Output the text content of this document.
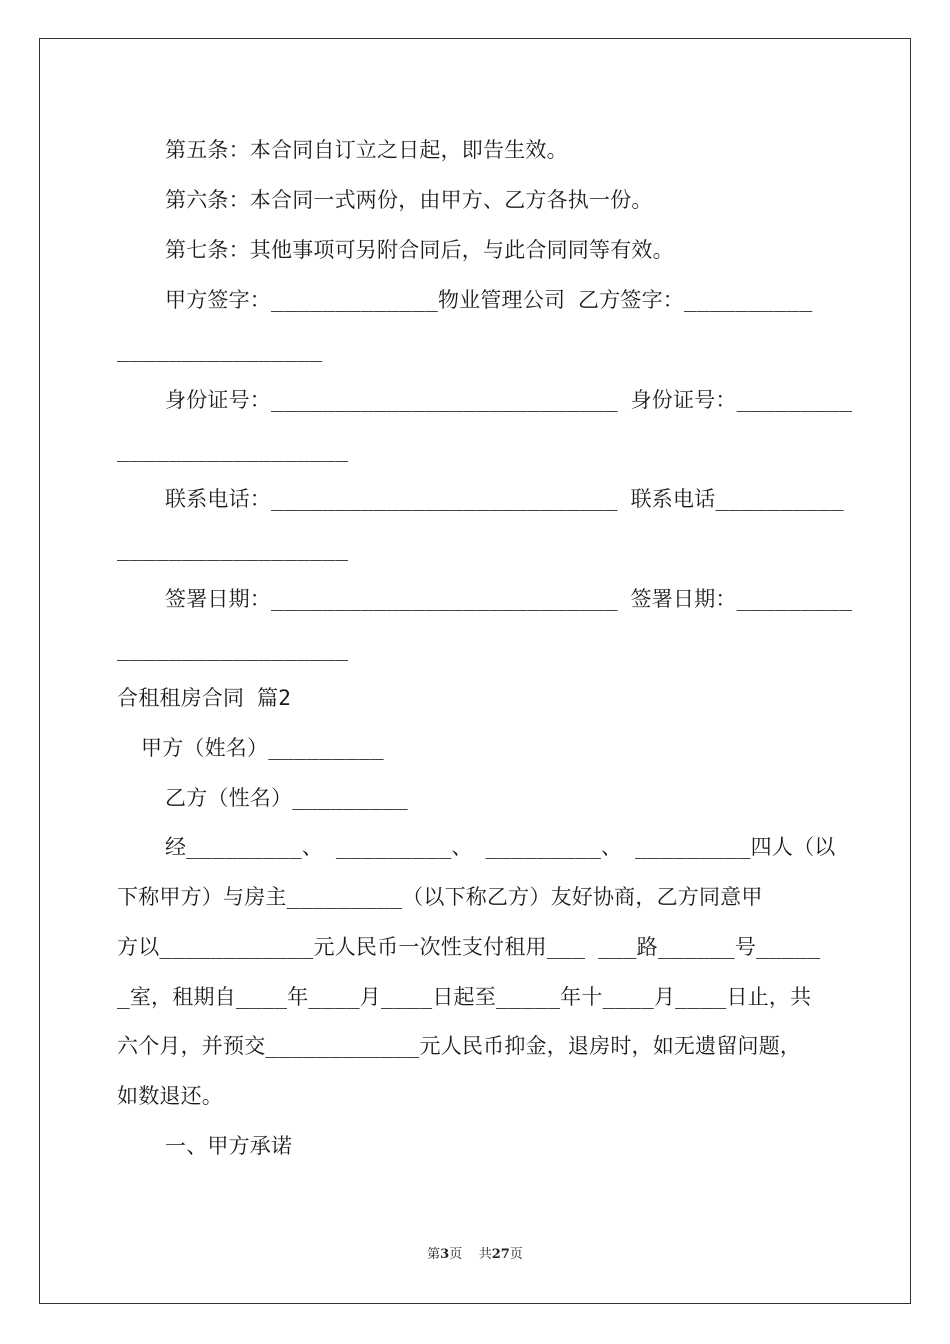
第五条：本合同自订立之日起，即告生效。
第六条：本合同一式两份，由甲方、乙方各执一份。
第七条：其他事项可另附合同后，与此合同同等有效。
甲方签字：_____________物业管理公司 乙方签字：__________
________________
身份证号：___________________________ 身份证号：_________
__________________
联系电话：___________________________ 联系电话__________
__________________
签署日期：___________________________ 签署日期：_________
__________________
合租租房合同 篇2
甲方（姓名）_________
乙方（性名）_________
经_________、 _________、 _________、 _________四人（以
下称甲方）与房主_________（以下称乙方）友好协商，乙方同意甲
方以____________元人民币一次性支付租用___ ___路______号_____
_室，租期自____年____月____日起至_____年十____月____日止，共
六个月，并预交____________元人民币抑金，退房时，如无遗留问题，
如数退还。
一、甲方承诺
第3页 共27页
